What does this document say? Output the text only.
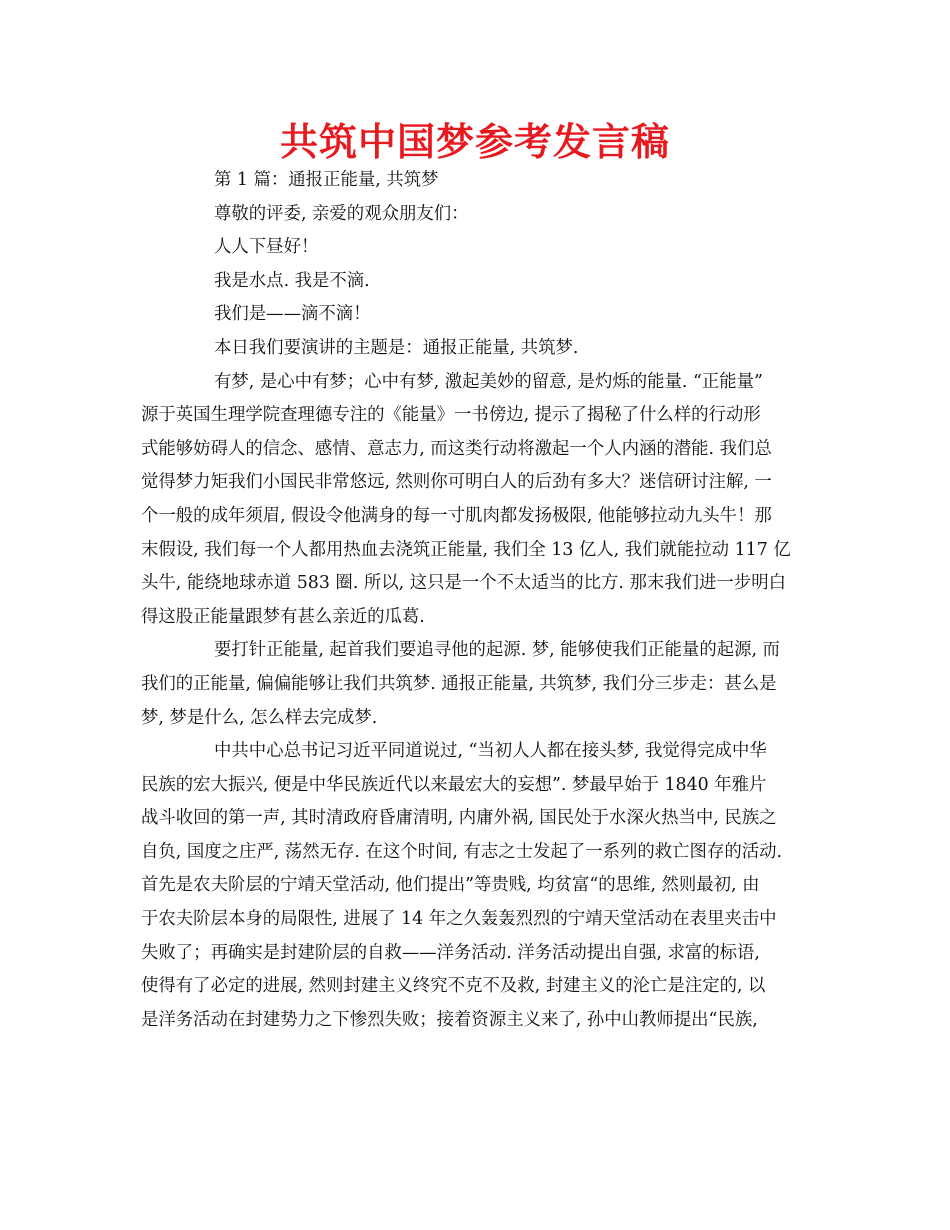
共筑中国梦参考发言稿
第 1 篇：通报正能量, 共筑梦
尊敬的评委, 亲爱的观众朋友们：
人人下昼好！
我是水点. 我是不滴.
我们是——滴不滴！
本日我们要演讲的主题是：通报正能量, 共筑梦.
有梦, 是心中有梦；心中有梦, 激起美妙的留意, 是灼烁的能量. “正能量”
源于英国生理学院查理德专注的《能量》一书傍边, 提示了揭秘了什么样的行动形
式能够妨碍人的信念、感情、意志力, 而这类行动将激起一个人内涵的潜能. 我们总
觉得梦力矩我们小国民非常悠远, 然则你可明白人的后劲有多大？迷信研讨注解, 一
个一般的成年须眉, 假设令他满身的每一寸肌肉都发扬极限, 他能够拉动九头牛！那
末假设, 我们每一个人都用热血去浇筑正能量, 我们全 13 亿人, 我们就能拉动 117 亿
头牛, 能绕地球赤道 583 圈. 所以, 这只是一个不太适当的比方. 那末我们进一步明白
得这股正能量跟梦有甚么亲近的瓜葛.
要打针正能量, 起首我们要追寻他的起源. 梦, 能够使我们正能量的起源, 而
我们的正能量, 偏偏能够让我们共筑梦. 通报正能量, 共筑梦, 我们分三步走：甚么是
梦, 梦是什么, 怎么样去完成梦.
中共中心总书记习近平同道说过, “当初人人都在接头梦, 我觉得完成中华
民族的宏大振兴, 便是中华民族近代以来最宏大的妄想”. 梦最早始于 1840 年雅片
战斗收回的第一声, 其时清政府昏庸清明, 内庸外祸, 国民处于水深火热当中, 民族之
自负, 国度之庄严, 荡然无存. 在这个时间, 有志之士发起了一系列的救亡图存的活动.
首先是农夫阶层的宁靖天堂活动, 他们提出”等贵贱, 均贫富“的思维, 然则最初, 由
于农夫阶层本身的局限性, 进展了 14 年之久轰轰烈烈的宁靖天堂活动在表里夹击中
失败了；再确实是封建阶层的自救——洋务活动. 洋务活动提出自强, 求富的标语,
使得有了必定的进展, 然则封建主义终究不克不及救, 封建主义的沦亡是注定的, 以
是洋务活动在封建势力之下惨烈失败；接着资源主义来了, 孙中山教师提出“民族,
